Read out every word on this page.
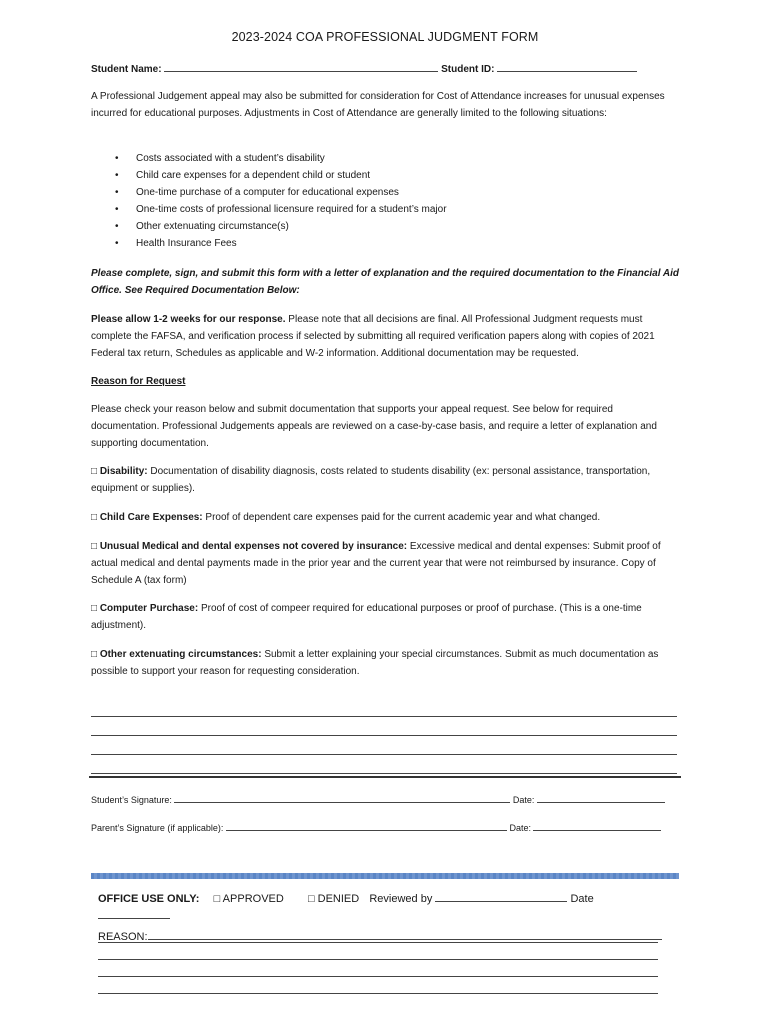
2023-2024 COA PROFESSIONAL JUDGMENT FORM
Student Name:	Student ID:
A Professional Judgement appeal may also be submitted for consideration for Cost of Attendance increases for unusual expenses incurred for educational purposes. Adjustments in Cost of Attendance are generally limited to the following situations:
• Costs associated with a student’s disability
• Child care expenses for a dependent child or student
• One-time purchase of a computer for educational expenses
• One-time costs of professional licensure required for a student’s major
• Other extenuating circumstance(s)
• Health Insurance Fees
Please complete, sign, and submit this form with a letter of explanation and the required documentation to the Financial Aid Office. See Required Documentation Below:
Please allow 1-2 weeks for our response. Please note that all decisions are final. All Professional Judgment requests must complete the FAFSA, and verification process if selected by submitting all required verification papers along with copies of 2021 Federal tax return, Schedules as applicable and W-2 information. Additional documentation may be requested.
Reason for Request
Please check your reason below and submit documentation that supports your appeal request. See below for required documentation. Professional Judgements appeals are reviewed on a case-by-case basis, and require a letter of explanation and supporting documentation.
□ Disability: Documentation of disability diagnosis, costs related to students disability (ex: personal assistance, transportation, equipment or supplies).
□ Child Care Expenses: Proof of dependent care expenses paid for the current academic year and what changed.
□ Unusual Medical and dental expenses not covered by insurance: Excessive medical and dental expenses: Submit proof of actual medical and dental payments made in the prior year and the current year that were not reimbursed by insurance. Copy of Schedule A (tax form)
□ Computer Purchase: Proof of cost of compeer required for educational purposes or proof of purchase. (This is a one-time adjustment).
□ Other extenuating circumstances: Submit a letter explaining your special circumstances. Submit as much documentation as possible to support your reason for requesting consideration.
Student’s Signature:	Date:
Parent’s Signature (if applicable):	Date:
OFFICE USE ONLY: □ APPROVED □ DENIED Reviewed by	Date
REASON:
